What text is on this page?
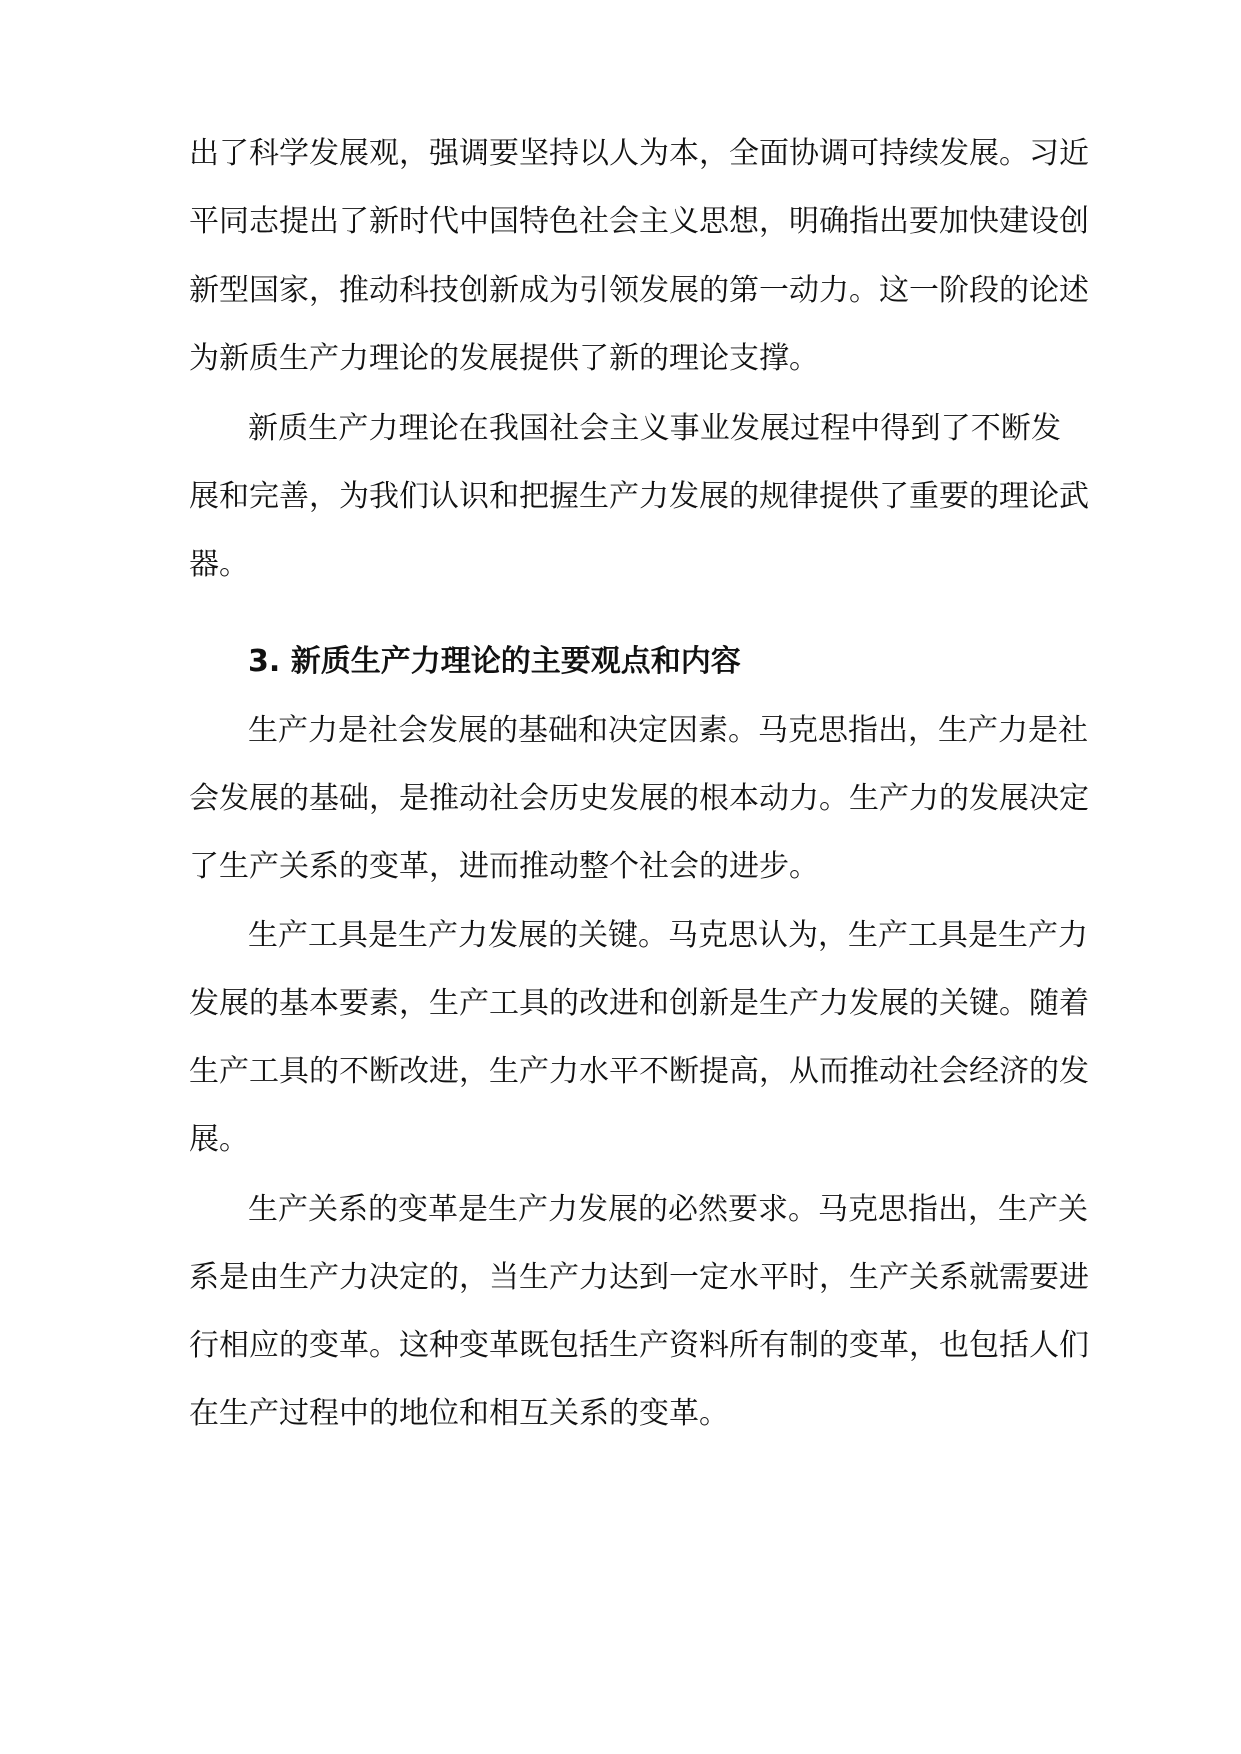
出了科学发展观，强调要坚持以人为本，全面协调可持续发展。习近
平同志提出了新时代中国特色社会主义思想，明确指出要加快建设创
新型国家，推动科技创新成为引领发展的第一动力。这一阶段的论述
为新质生产力理论的发展提供了新的理论支撑。
新质生产力理论在我国社会主义事业发展过程中得到了不断发
展和完善，为我们认识和把握生产力发展的规律提供了重要的理论武
器。
3. 新质生产力理论的主要观点和内容
生产力是社会发展的基础和决定因素。马克思指出，生产力是社
会发展的基础，是推动社会历史发展的根本动力。生产力的发展决定
了生产关系的变革，进而推动整个社会的进步。
生产工具是生产力发展的关键。马克思认为，生产工具是生产力
发展的基本要素，生产工具的改进和创新是生产力发展的关键。随着
生产工具的不断改进，生产力水平不断提高，从而推动社会经济的发
展。
生产关系的变革是生产力发展的必然要求。马克思指出，生产关
系是由生产力决定的，当生产力达到一定水平时，生产关系就需要进
行相应的变革。这种变革既包括生产资料所有制的变革，也包括人们
在生产过程中的地位和相互关系的变革。
